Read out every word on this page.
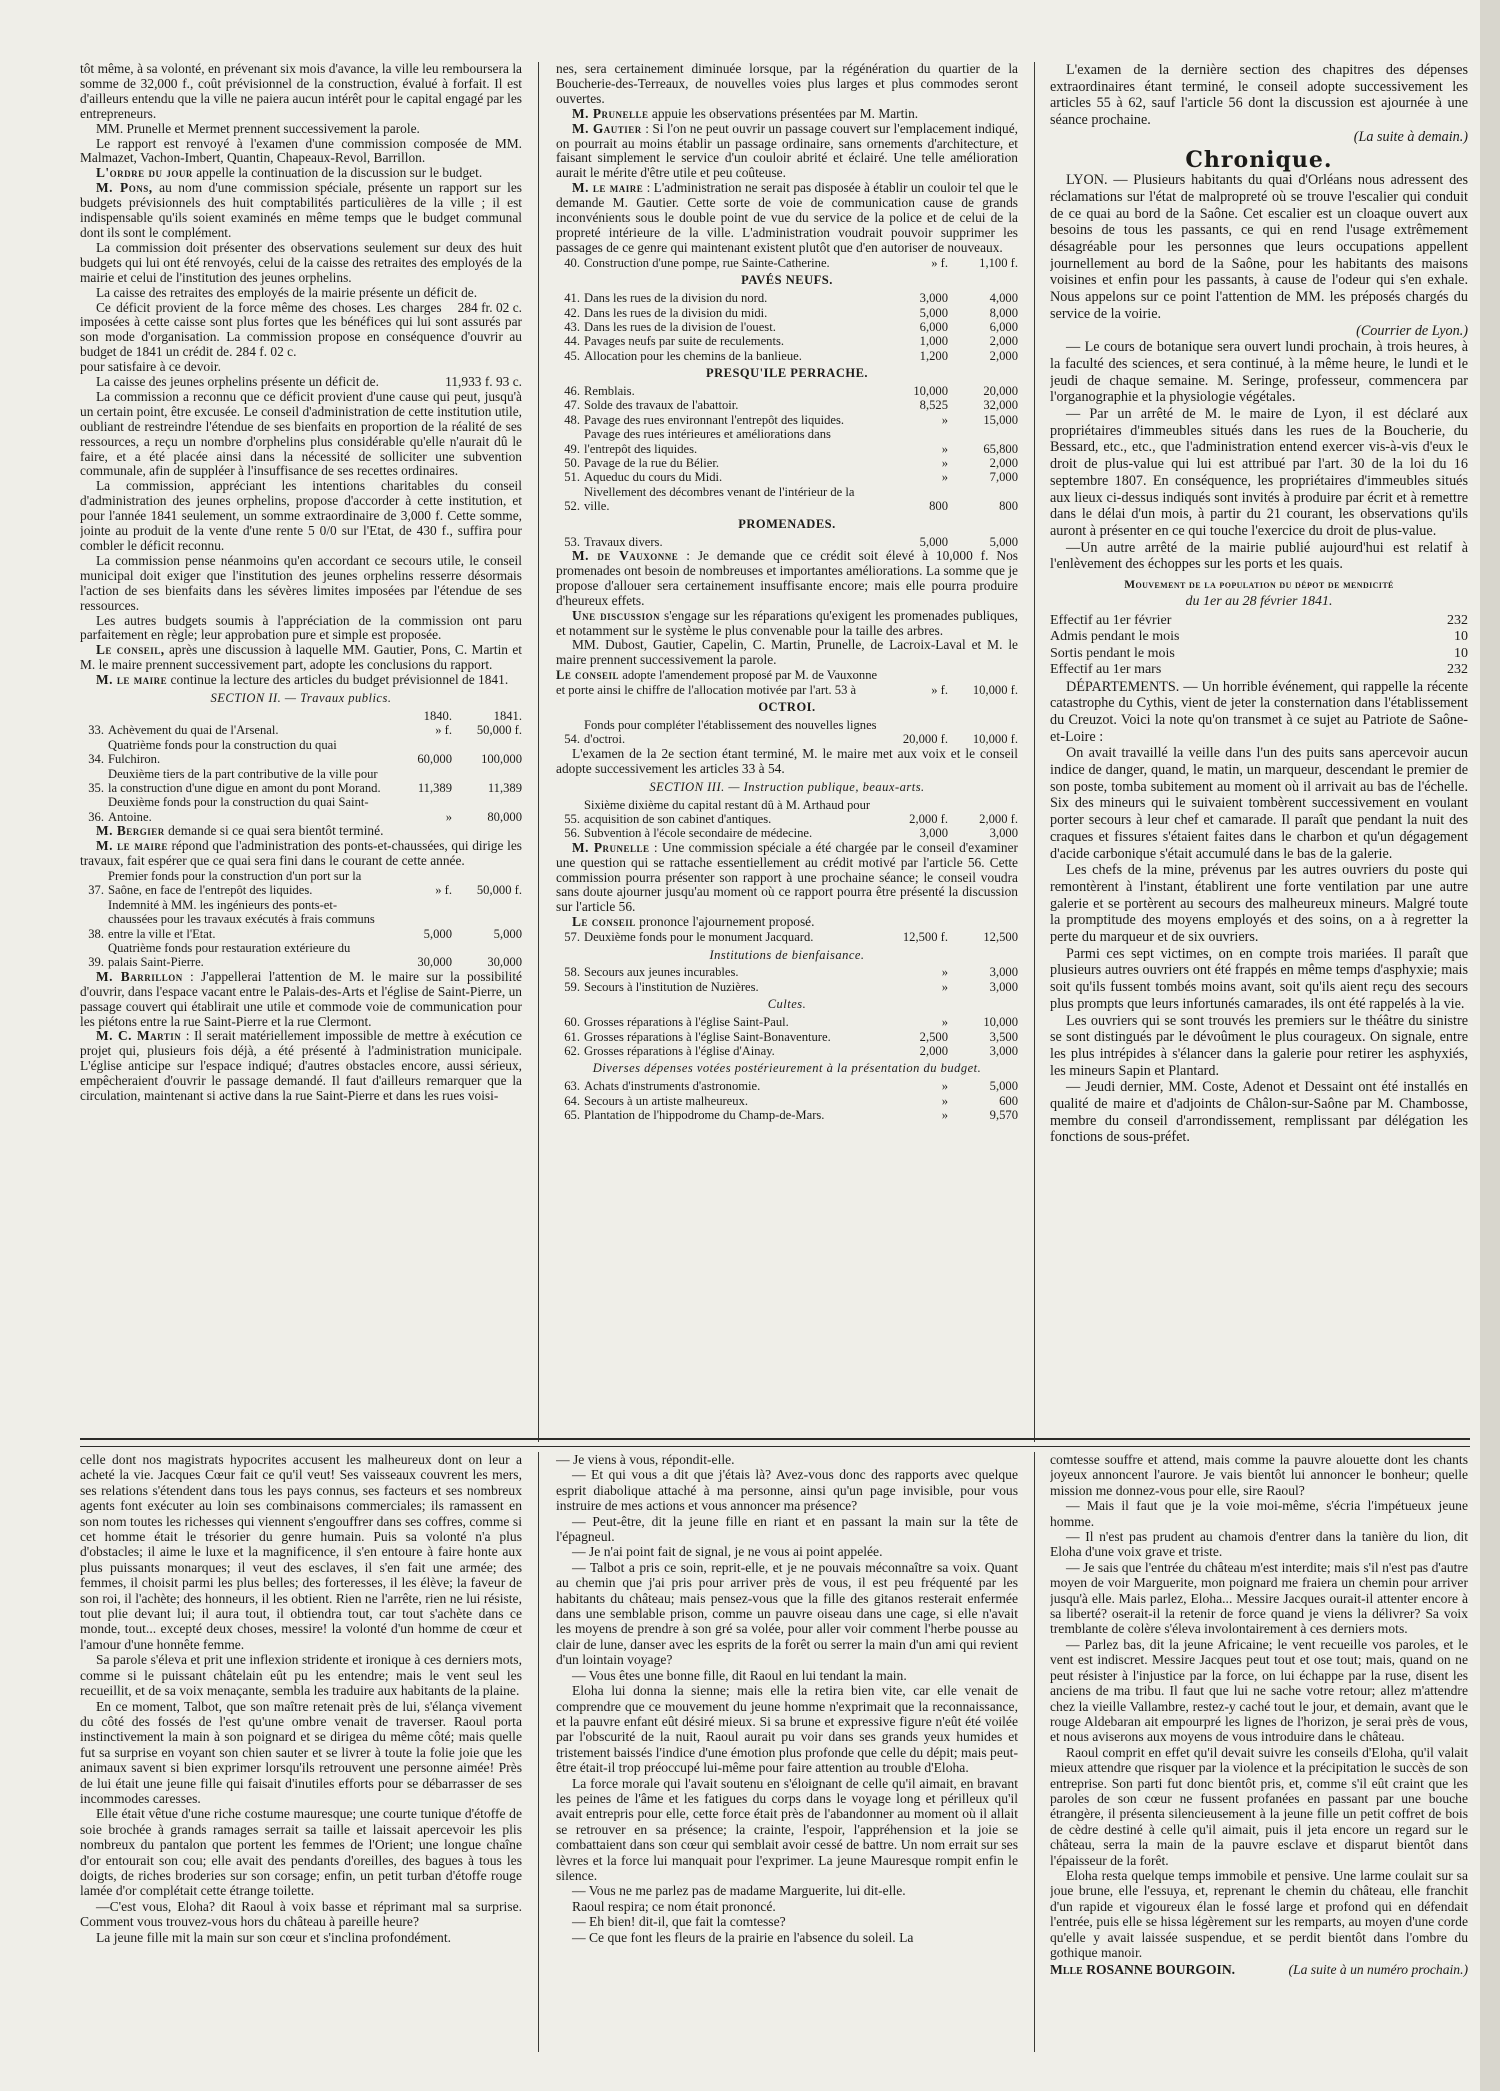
tôt même, à sa volonté, en prévenant six mois d'avance, la ville leu remboursera la somme de 32,000 f., coût prévisionnel de la construction, évalué à forfait. Il est d'ailleurs entendu que la ville ne paiera aucun intérêt pour le capital engagé par les entrepreneurs.

MM. Prunelle et Mermet prennent successivement la parole.

Le rapport est renvoyé à l'examen d'une commission composée de MM. Malmazet, Vachon-Imbert, Quantin, Chapeaux-Revol, Barrillon.

L'ordre du jour appelle la continuation de la discussion sur le budget.

M. Pons, au nom d'une commission spéciale, présente un rapport sur les budgets prévisionnels des huit comptabilités particulières de la ville ; il est indispensable qu'ils soient examinés en même temps que le budget communal dont ils sont le complément.

La commission doit présenter des observations seulement sur deux des huit budgets qui lui ont été renvoyés, celui de la caisse des retraites des employés de la mairie et celui de l'institution des jeunes orphelins.

La caisse des retraites des employés de la mairie présente un déficit de.
284 fr. 02 c.

Ce déficit provient de la force même des choses. Les charges imposées à cette caisse sont plus fortes que les bénéfices qui lui sont assurés par son mode d'organisation. La commission propose en conséquence d'ouvrir au budget de 1841 un crédit de. 284 f. 02 c.

pour satisfaire à ce devoir.

La caisse des jeunes orphelins présente un déficit de.	11,933 f. 93 c.

La commission a reconnu que ce déficit provient d'une cause qui peut, jusqu'à un certain point, être excusée. Le conseil d'administration de cette institution utile, oubliant de restreindre l'étendue de ses bienfaits en proportion de la réalité de ses ressources, a reçu un nombre d'orphelins plus considérable qu'elle n'aurait dû le faire, et a été placée ainsi dans la nécessité de solliciter une subvention communale, afin de suppléer à l'insuffisance de ses recettes ordinaires.

La commission, appréciant les intentions charitables du conseil d'administration des jeunes orphelins, propose d'accorder à cette institution, et pour l'année 1841 seulement, un somme extraordinaire de 3,000 f. Cette somme, jointe au produit de la vente d'une rente 5 0/0 sur l'Etat, de 430 f., suffira pour combler le déficit reconnu.

La commission pense néanmoins qu'en accordant ce secours utile, le conseil municipal doit exiger que l'institution des jeunes orphelins resserre désormais l'action de ses bienfaits dans les sévères limites imposées par l'étendue de ses ressources.

Les autres budgets soumis à l'appréciation de la commission ont paru parfaitement en règle; leur approbation pure et simple est proposée.

Le conseil, après une discussion à laquelle MM. Gautier, Pons, C. Martin et M. le maire prennent successivement part, adopte les conclusions du rapport.

M. le maire continue la lecture des articles du budget prévisionnel de 1841.

SECTION II. — Travaux publics.
		1840.	1841.
33.	Achèvement du quai de l'Arsenal.	» f.	50,000 f.
34.	Quatrième fonds pour la construction du quai Fulchiron.	60,000	100,000
35.	Deuxième tiers de la part contributive de la ville pour la construction d'une digue en amont du pont Morand.	11,389	11,389
36.	Deuxième fonds pour la construction du quai Saint-Antoine.	»	80,000

M. Bergier demande si ce quai sera bientôt terminé.

M. le maire répond que l'administration des ponts-et-chaussées, qui dirige les travaux, fait espérer que ce quai sera fini dans le courant de cette année.

37.	Premier fonds pour la construction d'un port sur la Saône, en face de l'entrepôt des liquides.	» f.	50,000 f.
38.	Indemnité à MM. les ingénieurs des ponts-et-chaussées pour les travaux exécutés à frais communs entre la ville et l'Etat.	5,000	5,000
39.	Quatrième fonds pour restauration extérieure du palais Saint-Pierre.	30,000	30,000

M. Barrillon : J'appellerai l'attention de M. le maire sur la possibilité d'ouvrir, dans l'espace vacant entre le Palais-des-Arts et l'église de Saint-Pierre, un passage couvert qui établirait une utile et commode voie de communication pour les piétons entre la rue Saint-Pierre et la rue Clermont.

M. C. Martin : Il serait matériellement impossible de mettre à exécution ce projet qui, plusieurs fois déjà, a été présenté à l'administration municipale. L'église anticipe sur l'espace indiqué; d'autres obstacles encore, aussi sérieux, empêcheraient d'ouvrir le passage demandé. Il faut d'ailleurs remarquer que la circulation, maintenant si active dans la rue Saint-Pierre et dans les rues voisi-

nes, sera certainement diminuée lorsque, par la régénération du quartier de la Boucherie-des-Terreaux, de nouvelles voies plus larges et plus commodes seront ouvertes.

M. Prunelle appuie les observations présentées par M. Martin.

M. Gautier : Si l'on ne peut ouvrir un passage couvert sur l'emplacement indiqué, on pourrait au moins établir un passage ordinaire, sans ornements d'architecture, et faisant simplement le service d'un couloir abrité et éclairé. Une telle amélioration aurait le mérite d'être utile et peu coûteuse.

M. le maire : L'administration ne serait pas disposée à établir un couloir tel que le demande M. Gautier. Cette sorte de voie de communication cause de grands inconvénients sous le double point de vue du service de la police et de celui de la propreté intérieure de la ville. L'administration voudrait pouvoir supprimer les passages de ce genre qui maintenant existent plutôt que d'en autoriser de nouveaux.

40.	Construction d'une pompe, rue Sainte-Catherine.	» f.	1,100 f.
PAVÉS NEUFS.
41.	Dans les rues de la division du nord.	3,000	4,000
42.	Dans les rues de la division du midi.	5,000	8,000
43.	Dans les rues de la division de l'ouest.	6,000	6,000
44.	Pavages neufs par suite de reculements.	1,000	2,000
45.	Allocation pour les chemins de la banlieue.	1,200	2,000
PRESQU'ILE PERRACHE.
46.	Remblais.	10,000	20,000
47.	Solde des travaux de l'abattoir.	8,525	32,000
48.	Pavage des rues environnant l'entrepôt des liquides.	»	15,000
49.	Pavage des rues intérieures et améliorations dans l'entrepôt des liquides.	»	65,800
50.	Pavage de la rue du Bélier.	»	2,000
51.	Aqueduc du cours du Midi.	»	7,000
52.	Nivellement des décombres venant de l'intérieur de la ville.	800	800
PROMENADES.
53.	Travaux divers.	5,000	5,000

M. de Vauxonne : Je demande que ce crédit soit élevé à 10,000 f. Nos promenades ont besoin de nombreuses et importantes améliorations. La somme que je propose d'allouer sera certainement insuffisante encore; mais elle pourra produire d'heureux effets.

Une discussion s'engage sur les réparations qu'exigent les promenades publiques, et notamment sur le système le plus convenable pour la taille des arbres.

MM. Dubost, Gautier, Capelin, C. Martin, Prunelle, de Lacroix-Laval et M. le maire prennent successivement la parole.

Le conseil adopte l'amendement proposé par M. de Vauxonne et porte ainsi le chiffre de l'allocation motivée par l'art. 53 à	» f.	10,000 f.
OCTROI.
54.	Fonds pour compléter l'établissement des nouvelles lignes d'octroi.	20,000 f.	10,000 f.

L'examen de la 2e section étant terminé, M. le maire met aux voix et le conseil adopte successivement les articles 33 à 54.

SECTION III. — Instruction publique, beaux-arts.
55.	Sixième dixième du capital restant dû à M. Arthaud pour acquisition de son cabinet d'antiques.	2,000 f.	2,000 f.
56.	Subvention à l'école secondaire de médecine.	3,000	3,000

M. Prunelle : Une commission spéciale a été chargée par le conseil d'examiner une question qui se rattache essentiellement au crédit motivé par l'article 56. Cette commission pourra présenter son rapport à une prochaine séance; le conseil voudra sans doute ajourner jusqu'au moment où ce rapport pourra être présenté la discussion sur l'article 56.

Le conseil prononce l'ajournement proposé.

57.	Deuxième fonds pour le monument Jacquard.	12,500 f.	12,500
Institutions de bienfaisance.
58.	Secours aux jeunes incurables.	»	3,000
59.	Secours à l'institution de Nuzières.	»	3,000
Cultes.
60.	Grosses réparations à l'église Saint-Paul.	»	10,000
61.	Grosses réparations à l'église Saint-Bonaventure.	2,500	3,500
62.	Grosses réparations à l'église d'Ainay.	2,000	3,000
Diverses dépenses votées postérieurement à la présentation du budget.
63.	Achats d'instruments d'astronomie.	»	5,000
64.	Secours à un artiste malheureux.	»	600
65.	Plantation de l'hippodrome du Champ-de-Mars.	»	9,570

L'examen de la dernière section des chapitres des dépenses extraordinaires étant terminé, le conseil adopte successivement les articles 55 à 62, sauf l'article 56 dont la discussion est ajournée à une séance prochaine.

(La suite à demain.)
Chronique.

LYON. — Plusieurs habitants du quai d'Orléans nous adressent des réclamations sur l'état de malpropreté où se trouve l'escalier qui conduit de ce quai au bord de la Saône. Cet escalier est un cloaque ouvert aux besoins de tous les passants, ce qui en rend l'usage extrêmement désagréable pour les personnes que leurs occupations appellent journellement au bord de la Saône, pour les habitants des maisons voisines et enfin pour les passants, à cause de l'odeur qui s'en exhale. Nous appelons sur ce point l'attention de MM. les préposés chargés du service de la voirie.

(Courrier de Lyon.)

— Le cours de botanique sera ouvert lundi prochain, à trois heures, à la faculté des sciences, et sera continué, à la même heure, le lundi et le jeudi de chaque semaine. M. Seringe, professeur, commencera par l'organographie et la physiologie végétales.

— Par un arrêté de M. le maire de Lyon, il est déclaré aux propriétaires d'immeubles situés dans les rues de la Boucherie, du Bessard, etc., etc., que l'administration entend exercer vis-à-vis d'eux le droit de plus-value qui lui est attribué par l'art. 30 de la loi du 16 septembre 1807. En conséquence, les propriétaires d'immeubles situés aux lieux ci-dessus indiqués sont invités à produire par écrit et à remettre dans le délai d'un mois, à partir du 21 courant, les observations qu'ils auront à présenter en ce qui touche l'exercice du droit de plus-value.

—Un autre arrêté de la mairie publié aujourd'hui est relatif à l'enlèvement des échoppes sur les ports et les quais.

Mouvement de la population du dépot de mendicité
du 1er au 28 février 1841.
Effectif au 1er février	232
Admis pendant le mois	10
Sortis pendant le mois	10
Effectif au 1er mars	232

DÉPARTEMENTS. — Un horrible événement, qui rappelle la récente catastrophe du Cythis, vient de jeter la consternation dans l'établissement du Creuzot. Voici la note qu'on transmet à ce sujet au Patriote de Saône-et-Loire :

On avait travaillé la veille dans l'un des puits sans apercevoir aucun indice de danger, quand, le matin, un marqueur, descendant le premier de son poste, tomba subitement au moment où il arrivait au bas de l'échelle. Six des mineurs qui le suivaient tombèrent successivement en voulant porter secours à leur chef et camarade. Il paraît que pendant la nuit des craques et fissures s'étaient faites dans le charbon et qu'un dégagement d'acide carbonique s'était accumulé dans le bas de la galerie.

Les chefs de la mine, prévenus par les autres ouvriers du poste qui remontèrent à l'instant, établirent une forte ventilation par une autre galerie et se portèrent au secours des malheureux mineurs. Malgré toute la promptitude des moyens employés et des soins, on a à regretter la perte du marqueur et de six ouvriers.

Parmi ces sept victimes, on en compte trois mariées. Il paraît que plusieurs autres ouvriers ont été frappés en même temps d'asphyxie; mais soit qu'ils fussent tombés moins avant, soit qu'ils aient reçu des secours plus prompts que leurs infortunés camarades, ils ont été rappelés à la vie.

Les ouvriers qui se sont trouvés les premiers sur le théâtre du sinistre se sont distingués par le dévoûment le plus courageux. On signale, entre les plus intrépides à s'élancer dans la galerie pour retirer les asphyxiés, les mineurs Sapin et Plantard.

— Jeudi dernier, MM. Coste, Adenot et Dessaint ont été installés en qualité de maire et d'adjoints de Châlon-sur-Saône par M. Chambosse, membre du conseil d'arrondissement, remplissant par délégation les fonctions de sous-préfet.

celle dont nos magistrats hypocrites accusent les malheureux dont on leur a acheté la vie. Jacques Cœur fait ce qu'il veut! Ses vaisseaux couvrent les mers, ses relations s'étendent dans tous les pays connus, ses facteurs et ses nombreux agents font exécuter au loin ses combinaisons commerciales; ils ramassent en son nom toutes les richesses qui viennent s'engouffrer dans ses coffres, comme si cet homme était le trésorier du genre humain. Puis sa volonté n'a plus d'obstacles; il aime le luxe et la magnificence, il s'en entoure à faire honte aux plus puissants monarques; il veut des esclaves, il s'en fait une armée; des femmes, il choisit parmi les plus belles; des forteresses, il les élève; la faveur de son roi, il l'achète; des honneurs, il les obtient. Rien ne l'arrête, rien ne lui résiste, tout plie devant lui; il aura tout, il obtiendra tout, car tout s'achète dans ce monde, tout... excepté deux choses, messire! la volonté d'un homme de cœur et l'amour d'une honnête femme.

Sa parole s'éleva et prit une inflexion stridente et ironique à ces derniers mots, comme si le puissant châtelain eût pu les entendre; mais le vent seul les recueillit, et de sa voix menaçante, sembla les traduire aux habitants de la plaine.

En ce moment, Talbot, que son maître retenait près de lui, s'élança vivement du côté des fossés de l'est qu'une ombre venait de traverser. Raoul porta instinctivement la main à son poignard et se dirigea du même côté; mais quelle fut sa surprise en voyant son chien sauter et se livrer à toute la folie joie que les animaux savent si bien exprimer lorsqu'ils retrouvent une personne aimée! Près de lui était une jeune fille qui faisait d'inutiles efforts pour se débarrasser de ses incommodes caresses.

Elle était vêtue d'une riche costume mauresque; une courte tunique d'étoffe de soie brochée à grands ramages serrait sa taille et laissait apercevoir les plis nombreux du pantalon que portent les femmes de l'Orient; une longue chaîne d'or entourait son cou; elle avait des pendants d'oreilles, des bagues à tous les doigts, de riches broderies sur son corsage; enfin, un petit turban d'étoffe rouge lamée d'or complétait cette étrange toilette.

—C'est vous, Eloha? dit Raoul à voix basse et réprimant mal sa surprise. Comment vous trouvez-vous hors du château à pareille heure?

La jeune fille mit la main sur son cœur et s'inclina profondément.

— Je viens à vous, répondit-elle.

— Et qui vous a dit que j'étais là? Avez-vous donc des rapports avec quelque esprit diabolique attaché à ma personne, ainsi qu'un page invisible, pour vous instruire de mes actions et vous annoncer ma présence?

— Peut-être, dit la jeune fille en riant et en passant la main sur la tête de l'épagneul.

— Je n'ai point fait de signal, je ne vous ai point appelée.

— Talbot a pris ce soin, reprit-elle, et je ne pouvais méconnaître sa voix. Quant au chemin que j'ai pris pour arriver près de vous, il est peu fréquenté par les habitants du château; mais pensez-vous que la fille des gitanos resterait enfermée dans une semblable prison, comme un pauvre oiseau dans une cage, si elle n'avait les moyens de prendre à son gré sa volée, pour aller voir comment l'herbe pousse au clair de lune, danser avec les esprits de la forêt ou serrer la main d'un ami qui revient d'un lointain voyage?

— Vous êtes une bonne fille, dit Raoul en lui tendant la main.

Eloha lui donna la sienne; mais elle la retira bien vite, car elle venait de comprendre que ce mouvement du jeune homme n'exprimait que la reconnaissance, et la pauvre enfant eût désiré mieux. Si sa brune et expressive figure n'eût été voilée par l'obscurité de la nuit, Raoul aurait pu voir dans ses grands yeux humides et tristement baissés l'indice d'une émotion plus profonde que celle du dépit; mais peut-être était-il trop préoccupé lui-même pour faire attention au trouble d'Eloha.

La force morale qui l'avait soutenu en s'éloignant de celle qu'il aimait, en bravant les peines de l'âme et les fatigues du corps dans le voyage long et périlleux qu'il avait entrepris pour elle, cette force était près de l'abandonner au moment où il allait se retrouver en sa présence; la crainte, l'espoir, l'appréhension et la joie se combattaient dans son cœur qui semblait avoir cessé de battre. Un nom errait sur ses lèvres et la force lui manquait pour l'exprimer. La jeune Mauresque rompit enfin le silence.

— Vous ne me parlez pas de madame Marguerite, lui dit-elle.

Raoul respira; ce nom était prononcé.

— Eh bien! dit-il, que fait la comtesse?

— Ce que font les fleurs de la prairie en l'absence du soleil. La

comtesse souffre et attend, mais comme la pauvre alouette dont les chants joyeux annoncent l'aurore. Je vais bientôt lui annoncer le bonheur; quelle mission me donnez-vous pour elle, sire Raoul?

— Mais il faut que je la voie moi-même, s'écria l'impétueux jeune homme.

— Il n'est pas prudent au chamois d'entrer dans la tanière du lion, dit Eloha d'une voix grave et triste.

— Je sais que l'entrée du château m'est interdite; mais s'il n'est pas d'autre moyen de voir Marguerite, mon poignard me fraiera un chemin pour arriver jusqu'à elle. Mais parlez, Eloha... Messire Jacques ourait-il attenter encore à sa liberté? oserait-il la retenir de force quand je viens la délivrer? Sa voix tremblante de colère s'éleva involontairement à ces derniers mots.

— Parlez bas, dit la jeune Africaine; le vent recueille vos paroles, et le vent est indiscret. Messire Jacques peut tout et ose tout; mais, quand on ne peut résister à l'injustice par la force, on lui échappe par la ruse, disent les anciens de ma tribu. Il faut que lui ne sache votre retour; allez m'attendre chez la vieille Vallambre, restez-y caché tout le jour, et demain, avant que le rouge Aldebaran ait empourpré les lignes de l'horizon, je serai près de vous, et nous aviserons aux moyens de vous introduire dans le château.

Raoul comprit en effet qu'il devait suivre les conseils d'Eloha, qu'il valait mieux attendre que risquer par la violence et la précipitation le succès de son entreprise. Son parti fut donc bientôt pris, et, comme s'il eût craint que les paroles de son cœur ne fussent profanées en passant par une bouche étrangère, il présenta silencieusement à la jeune fille un petit coffret de bois de cèdre destiné à celle qu'il aimait, puis il jeta encore un regard sur le château, serra la main de la pauvre esclave et disparut bientôt dans l'épaisseur de la forêt.

Eloha resta quelque temps immobile et pensive. Une larme coulait sur sa joue brune, elle l'essuya, et, reprenant le chemin du château, elle franchit d'un rapide et vigoureux élan le fossé large et profond qui en défendait l'entrée, puis elle se hissa légèrement sur les remparts, au moyen d'une corde qu'elle y avait laissée suspendue, et se perdit bientôt dans l'ombre du gothique manoir.

Mlle ROSANNE BOURGOIN.	(La suite à un numéro prochain.)
